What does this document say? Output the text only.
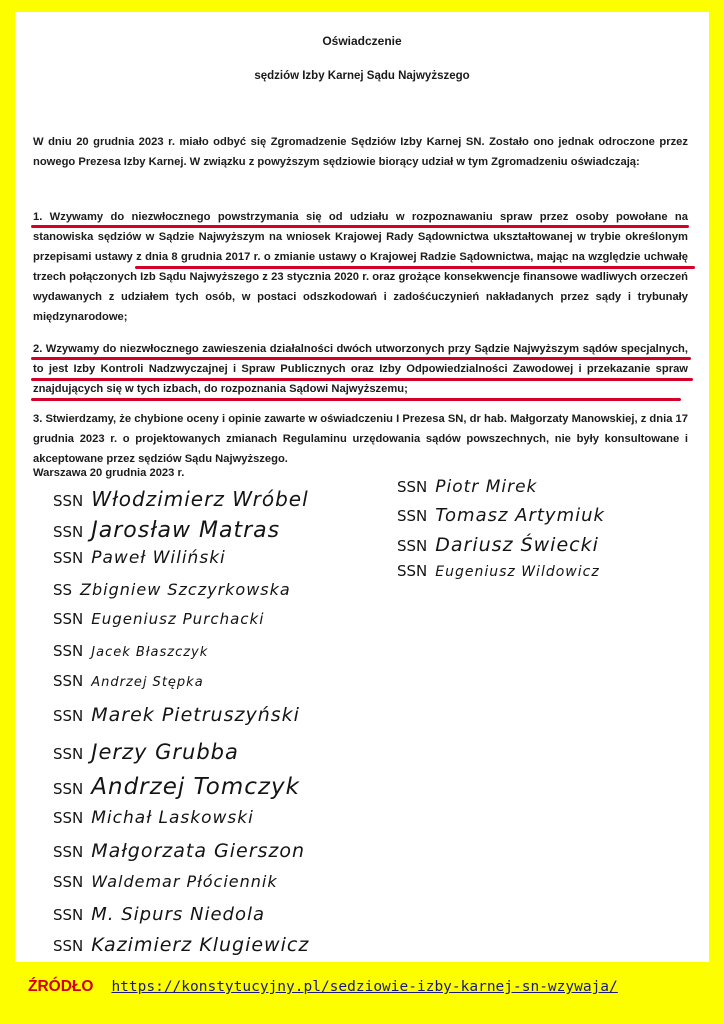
Oświadczenie
sędziów Izby Karnej Sądu Najwyższego
W dniu 20 grudnia 2023 r. miało odbyć się Zgromadzenie Sędziów Izby Karnej SN. Zostało ono jednak odroczone przez nowego Prezesa Izby Karnej. W związku z powyższym sędziowie biorący udział w tym Zgromadzeniu oświadczają:
1. Wzywamy do niezwłocznego powstrzymania się od udziału w rozpoznawaniu spraw przez osoby powołane na stanowiska sędziów w Sądzie Najwyższym na wniosek Krajowej Rady Sądownictwa ukształtowanej w trybie określonym przepisami ustawy z dnia 8 grudnia 2017 r. o zmianie ustawy o Krajowej Radzie Sądownictwa, mając na względzie uchwałę trzech połączonych Izb Sądu Najwyższego z 23 stycznia 2020 r. oraz grożące konsekwencje finansowe wadliwych orzeczeń wydawanych z udziałem tych osób, w postaci odszkodowań i zadośćuczynień nakładanych przez sądy i trybunały międzynarodowe;
2. Wzywamy do niezwłocznego zawieszenia działalności dwóch utworzonych przy Sądzie Najwyższym sądów specjalnych, to jest Izby Kontroli Nadzwyczajnej i Spraw Publicznych oraz Izby Odpowiedzialności Zawodowej i przekazanie spraw znajdujących się w tych izbach, do rozpoznania Sądowi Najwyższemu;
3. Stwierdzamy, że chybione oceny i opinie zawarte w oświadczeniu I Prezesa SN, dr hab. Małgorzaty Manowskiej, z dnia 17 grudnia 2023 r. o projektowanych zmianach Regulaminu urzędowania sądów powszechnych, nie były konsultowane i akceptowane przez sędziów Sądu Najwyższego.
Warszawa 20 grudnia 2023 r.
SSN Włodzimierz Wróbel
SSN Jarosław Matras
SSN Paweł Wiliński
SS Zbigniew Szczyrkowska
SSN Eugeniusz Purchacki
SSN Jacek Błaszczyk
SSN Andrzej Stępka
SSN Marek Pietruszyński
SSN Jerzy Grubba
SSN Andrzej Tomczyk
SSN Michał Laskowski
SSN Małgorzata Gierszon
SSN Waldemar Płóciennik
SSN M. Sipurs Niedola
SSN Kazimierz Klugiewicz
SSN Piotr Mirek
SSN Tomasz Artymiuk
SSN Dariusz Świecki
SSN Eugeniusz Wildowicz
ŹRÓDŁO https://konstytucyjny.pl/sedziowie-izby-karnej-sn-wzywaja/
